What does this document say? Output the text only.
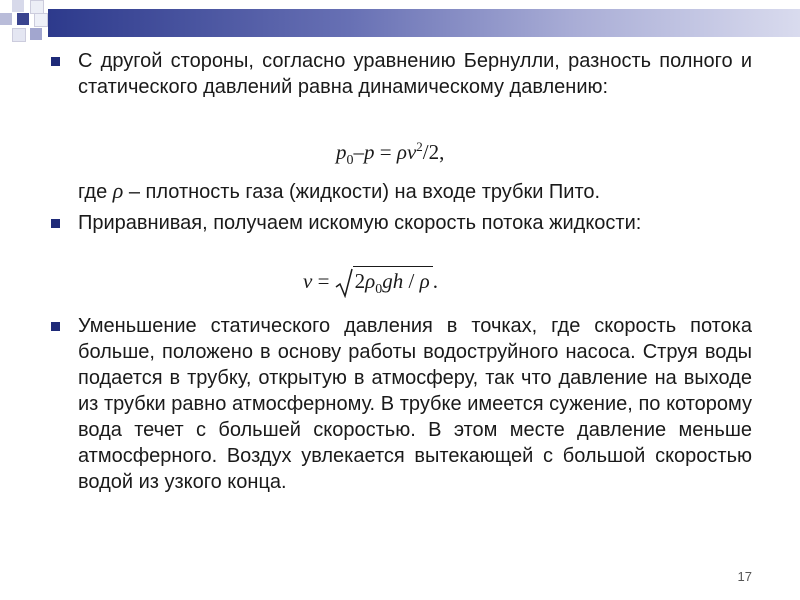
С другой стороны, согласно уравнению Бернулли, разность полного и статического давлений равна динамическому давлению:
$p_0-p = \rho v^2/2$,
где ρ – плотность газа (жидкости) на входе трубки Пито.
Приравнивая, получаем искомую скорость потока жидкости:
v =
$2\rho_0gh$ / ρ .
Уменьшение статического давления в точках, где скорость потока больше, положено в основу работы водоструйного насоса. Струя воды подается в трубку, открытую в атмосферу, так что давление на выходе из трубки равно атмосферному. В трубке имеется сужение, по которому вода течет с большей скоростью. В этом месте давление меньше атмосферного. Воздух увлекается вытекающей с большой скоростью водой из узкого конца.
17
